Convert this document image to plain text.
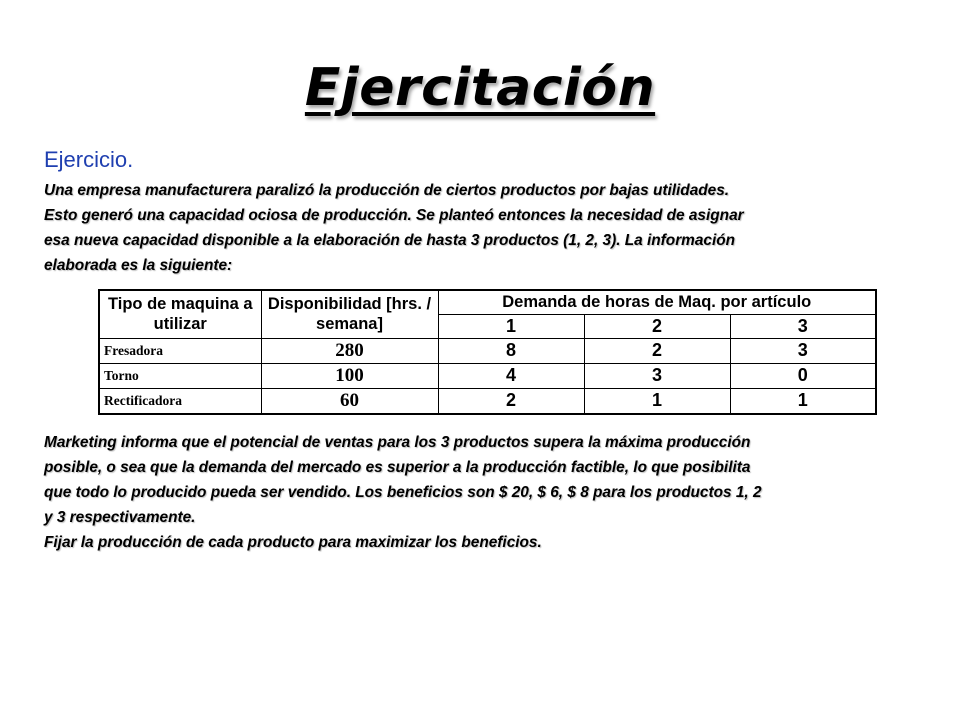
Ejercitación
Ejercicio.

Una empresa manufacturera paralizó la producción de ciertos productos por bajas utilidades.

Esto generó una capacidad ociosa de producción. Se planteó entonces la necesidad de asignar

esa nueva capacidad disponible a la elaboración de hasta 3 productos (1, 2, 3). La información

elaborada es la siguiente:

Tipo de maquina a utilizar	Disponibilidad [hrs. / semana]	Demanda de horas de Maq. por artículo		
		1	2	3
Fresadora	280	8	2	3
Torno	100	4	3	0
Rectificadora	60	2	1	1

Marketing informa que el potencial de ventas para los 3 productos supera la máxima producción

posible, o sea que la demanda del mercado es superior a la producción factible, lo que posibilita

que todo lo producido pueda ser vendido. Los beneficios son $ 20, $ 6, $ 8 para los productos 1, 2

y 3 respectivamente.

Fijar la producción de cada producto para maximizar los beneficios.
